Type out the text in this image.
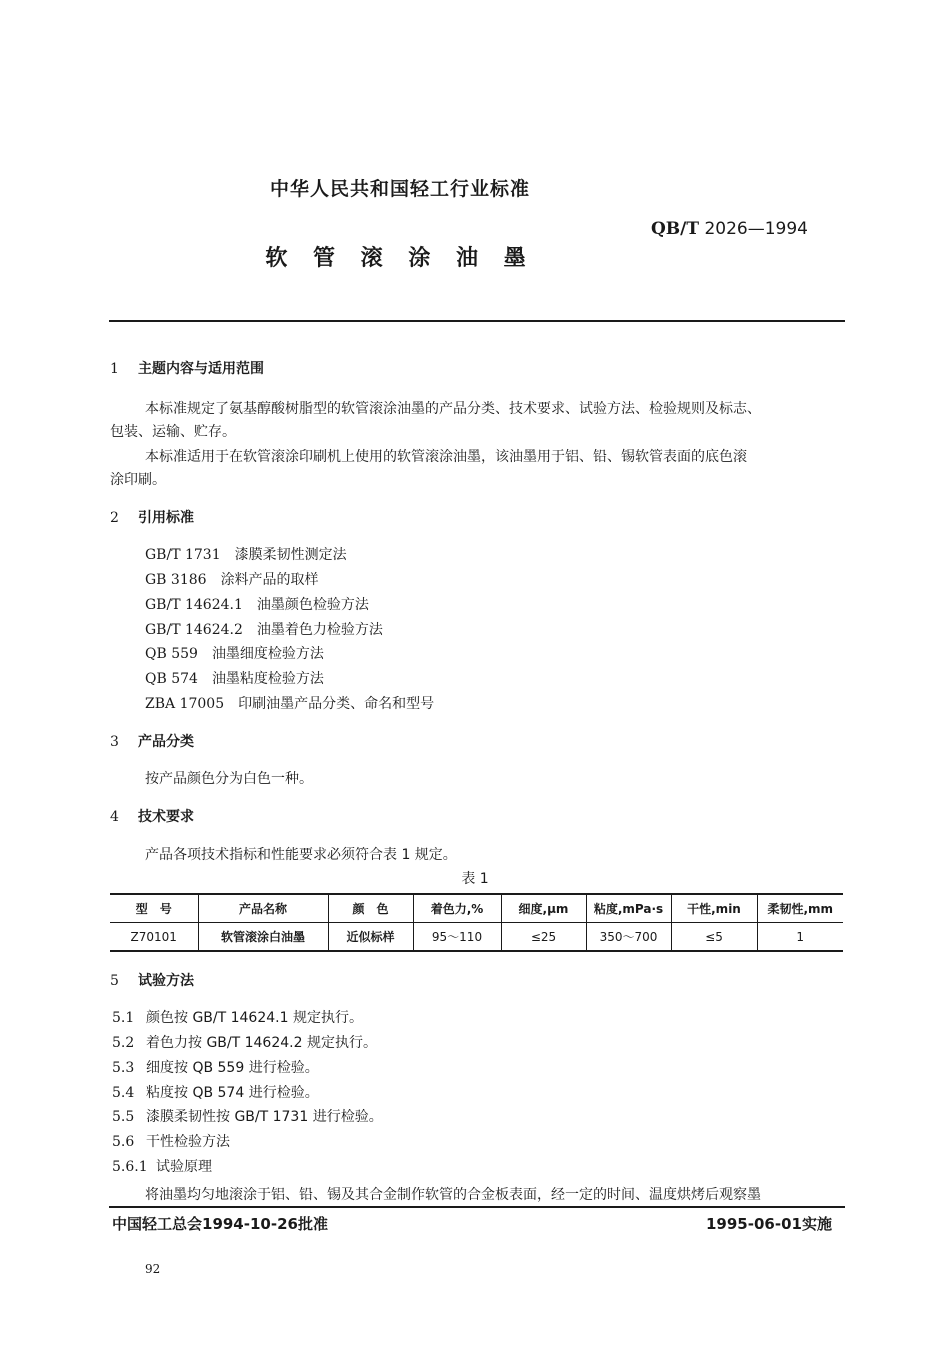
中华人民共和国轻工行业标准
QB/T 2026—1994
软 管 滚 涂 油 墨
1 主题内容与适用范围
本标准规定了氨基醇酸树脂型的软管滚涂油墨的产品分类、技术要求、试验方法、检验规则及标志、
包装、运输、贮存。
本标准适用于在软管滚涂印刷机上使用的软管滚涂油墨，该油墨用于铝、铅、锡软管表面的底色滚
涂印刷。
2 引用标准
GB/T 1731 漆膜柔韧性测定法
GB 3186 涂料产品的取样
GB/T 14624.1 油墨颜色检验方法
GB/T 14624.2 油墨着色力检验方法
QB 559 油墨细度检验方法
QB 574 油墨粘度检验方法
ZBA 17005 印刷油墨产品分类、命名和型号
3 产品分类
按产品颜色分为白色一种。
4 技术要求
产品各项技术指标和性能要求必须符合表 1 规定。
表 1
型　号	产品名称	颜　色	着色力,%	细度,μm	粘度,mPa·s	干性,min	柔韧性,mm
Z70101	软管滚涂白油墨	近似标样	95～110	≤25	350～700	≤5	1
5 试验方法
5.1 颜色按 GB/T 14624.1 规定执行。
5.2 着色力按 GB/T 14624.2 规定执行。
5.3 细度按 QB 559 进行检验。
5.4 粘度按 QB 574 进行检验。
5.5 漆膜柔韧性按 GB/T 1731 进行检验。
5.6 干性检验方法
5.6.1 试验原理
将油墨均匀地滚涂于铝、铅、锡及其合金制作软管的合金板表面，经一定的时间、温度烘烤后观察墨
中国轻工总会1994-10-26批准	1995-06-01实施
92
